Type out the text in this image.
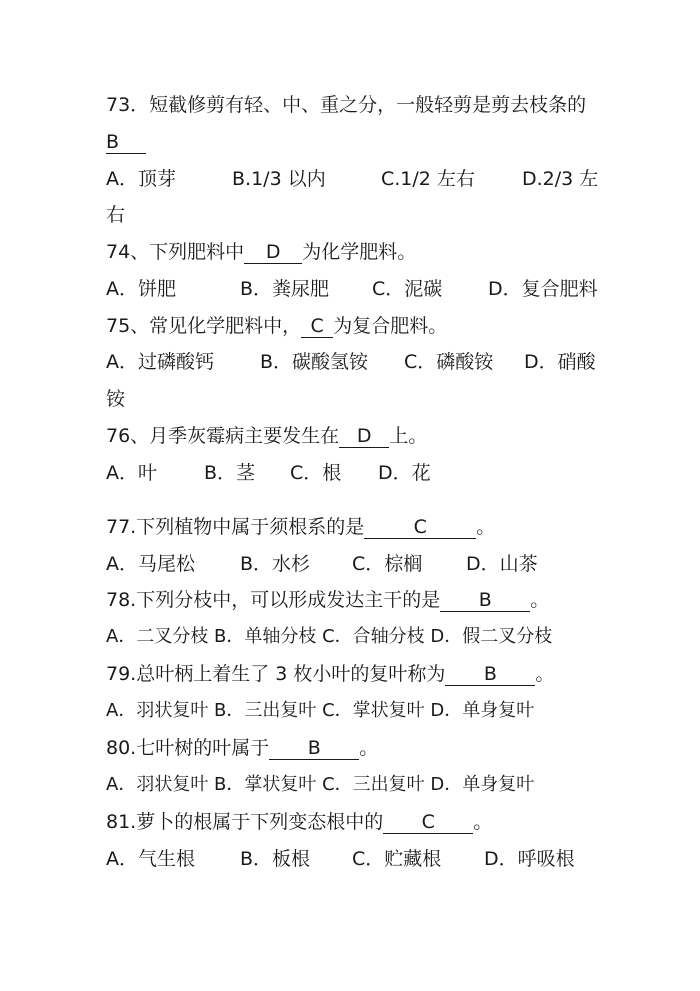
73．短截修剪有轻、中、重之分，一般轻剪是剪去枝条的
B
A．顶芽	B.1/3 以内	C.1/2 左右 D.2/3 左
右
74、下列肥料中 D 为化学肥料。
A．饼肥	B．粪尿肥 C．泥碳 D．复合肥料
75、常见化学肥料中， C 为复合肥料。
A．过磷酸钙 B．碳酸氢铵 C．磷酸铵 D．硝酸
铵
76、月季灰霉病主要发生在 D 上。
A．叶 B．茎 C．根 D．花
77.下列植物中属于须根系的是	C	。
A．马尾松 B．水杉 C．棕榈 D．山茶
78.下列分枝中，可以形成发达主干的是 B 。
A．二叉分枝 B．单轴分枝 C．合轴分枝 D．假二叉分枝
79.总叶柄上着生了 3 枚小叶的复叶称为 B 。
A．羽状复叶 B．三出复叶 C．掌状复叶 D．单身复叶
80.七叶树的叶属于 B 。
A．羽状复叶 B．掌状复叶 C．三出复叶 D．单身复叶
81.萝卜的根属于下列变态根中的 C 。
A．气生根 B．板根 C．贮藏根 D．呼吸根
